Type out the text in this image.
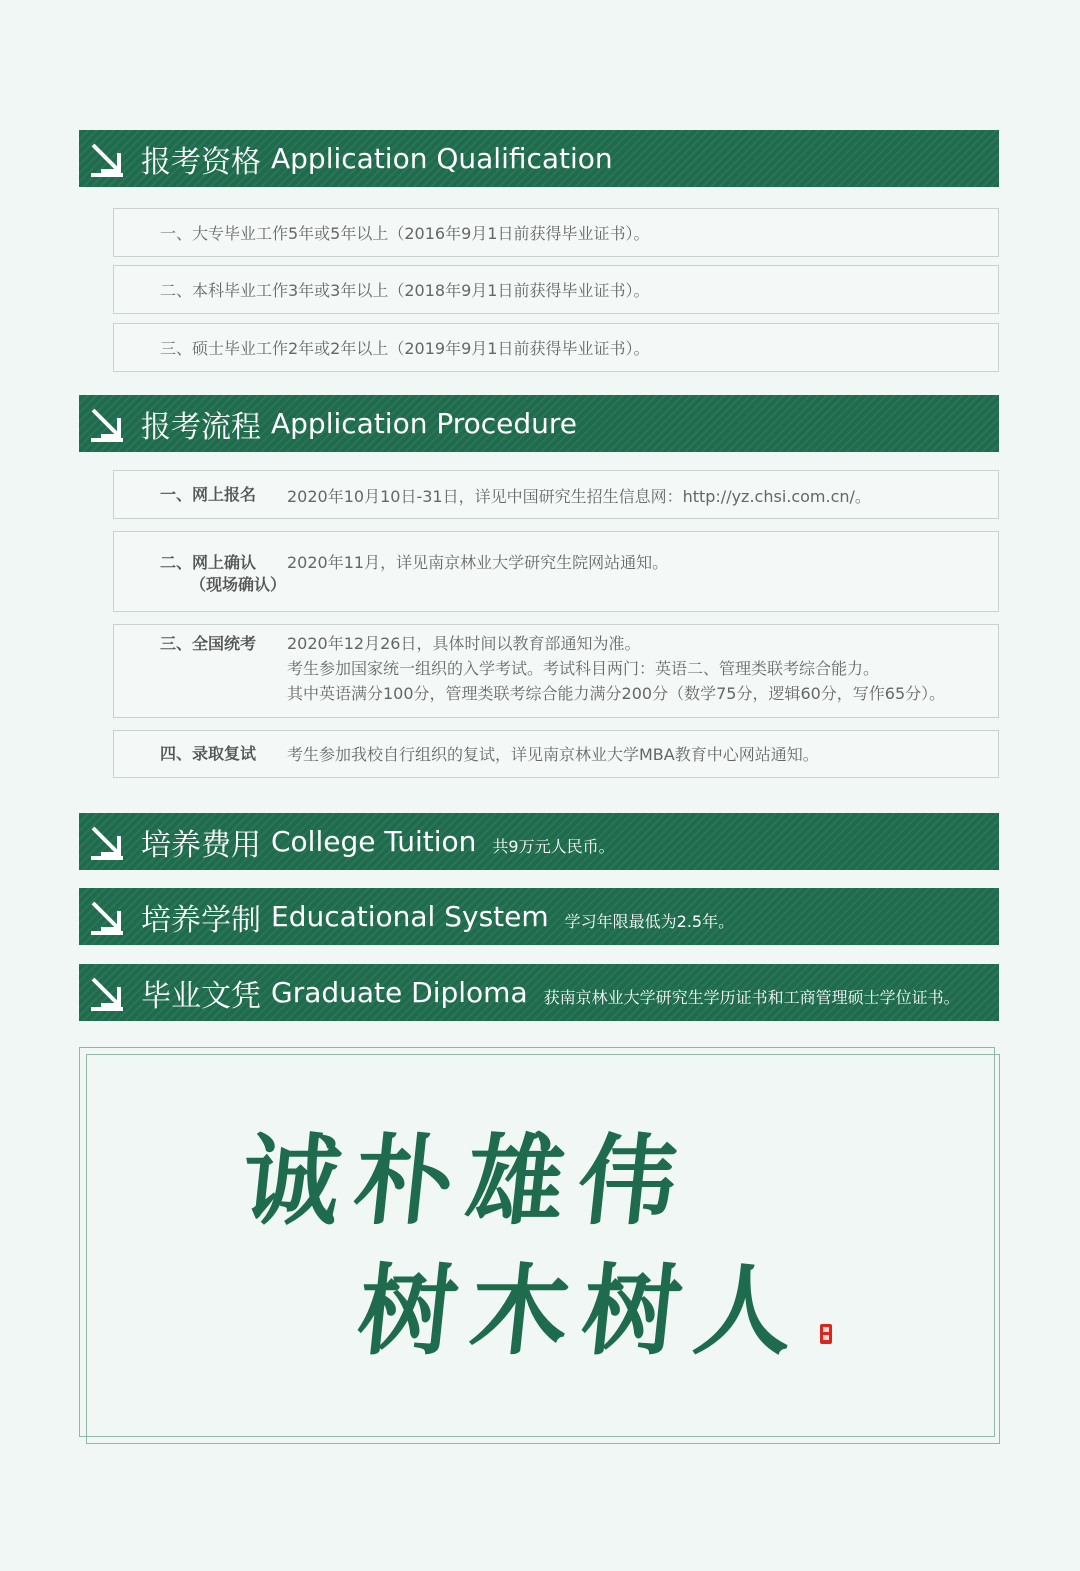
报考资格 Application Qualification
一、大专毕业工作5年或5年以上（2016年9月1日前获得毕业证书）。
二、本科毕业工作3年或3年以上（2018年9月1日前获得毕业证书）。
三、硕士毕业工作2年或2年以上（2019年9月1日前获得毕业证书）。
报考流程 Application Procedure
一、网上报名 2020年10月10日-31日，详见中国研究生招生信息网：http://yz.chsi.com.cn/。
二、网上确认
（现场确认）
2020年11月，详见南京林业大学研究生院网站通知。
三、全国统考 2020年12月26日，具体时间以教育部通知为准。
考生参加国家统一组织的入学考试。考试科目两门：英语二、管理类联考综合能力。
其中英语满分100分，管理类联考综合能力满分200分（数学75分，逻辑60分，写作65分）。
四、录取复试 考生参加我校自行组织的复试，详见南京林业大学MBA教育中心网站通知。
培养费用 College Tuition 共9万元人民币。
培养学制 Educational System 学习年限最低为2.5年。
毕业文凭 Graduate Diploma 获南京林业大学研究生学历证书和工商管理硕士学位证书。
诚朴雄伟
树木树人
